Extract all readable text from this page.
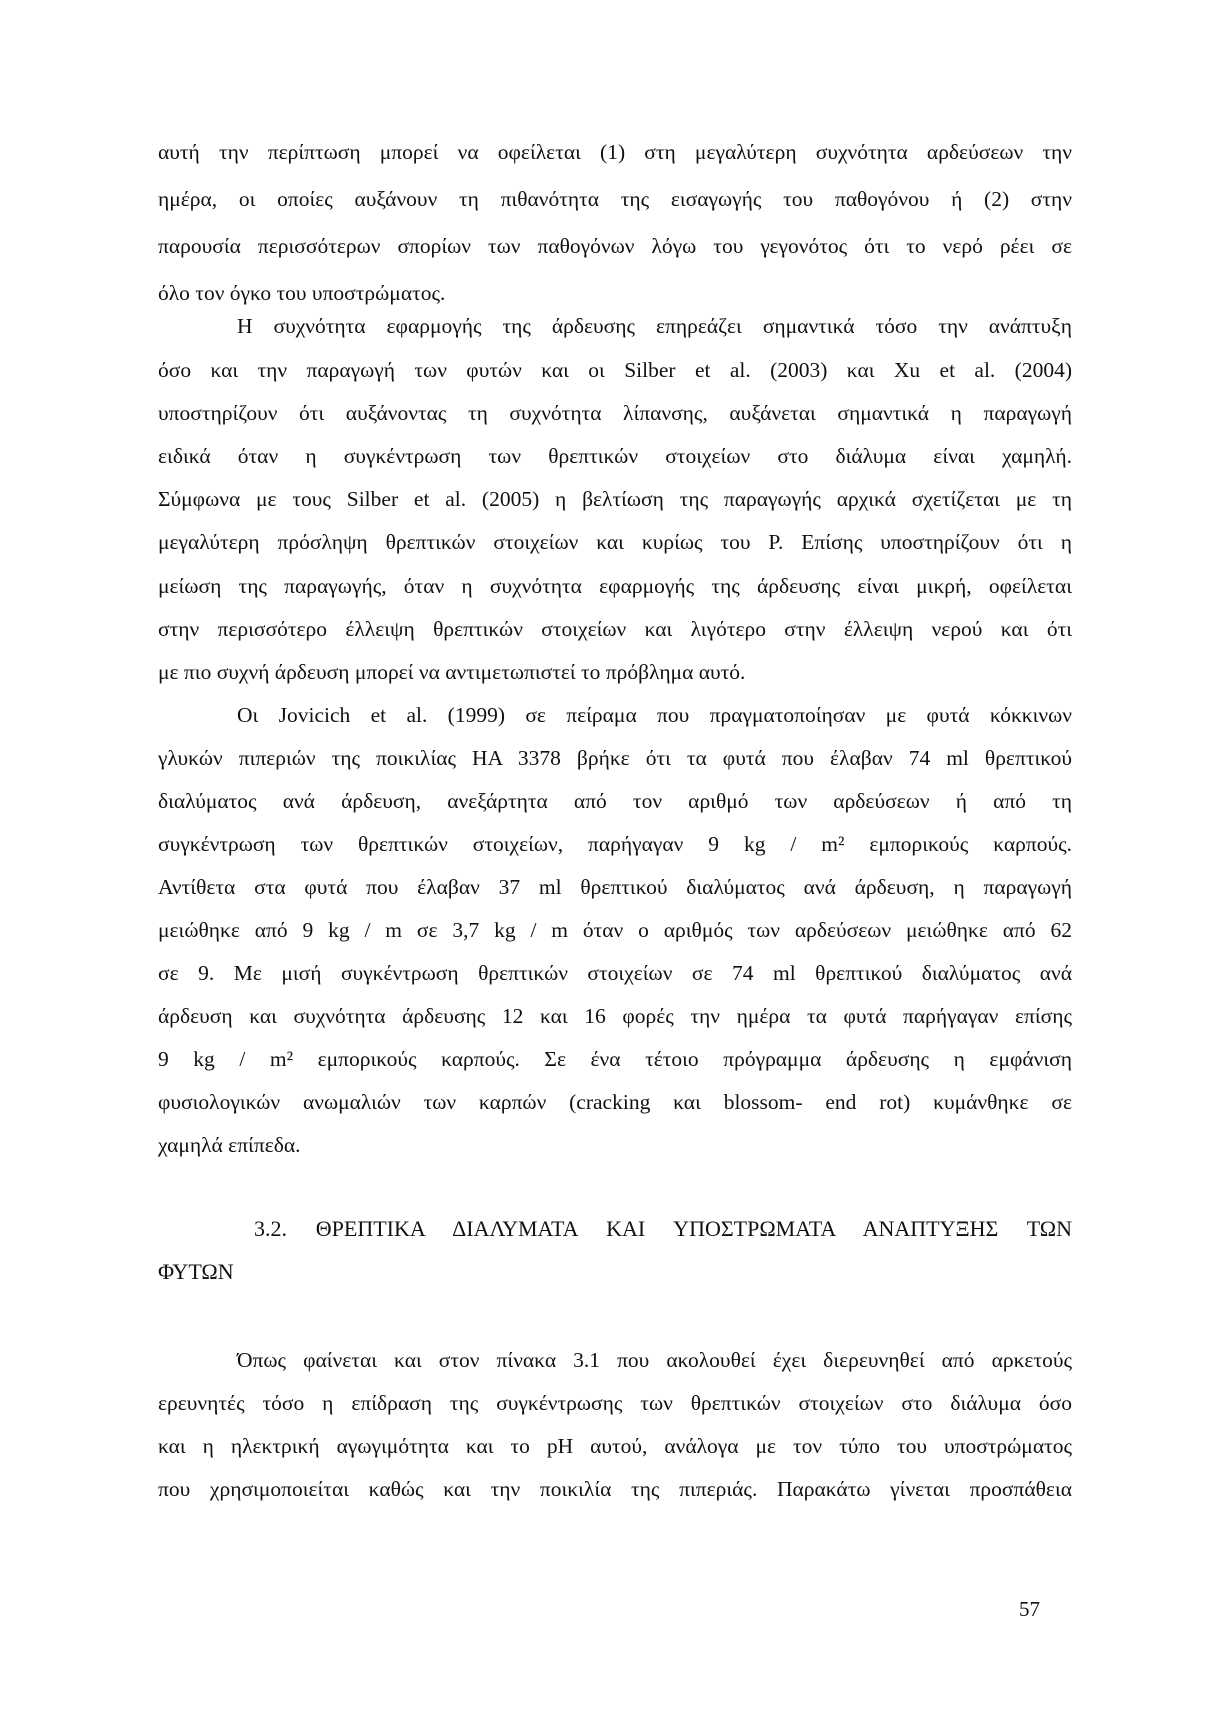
αυτή την περίπτωση μπορεί να οφείλεται (1) στη μεγαλύτερη συχνότητα αρδεύσεων την
ημέρα, οι οποίες αυξάνουν τη πιθανότητα της εισαγωγής του παθογόνου ή (2) στην
παρουσία περισσότερων σπορίων των παθογόνων λόγω του γεγονότος ότι το νερό ρέει σε
όλο τον όγκο του υποστρώματος.
Η συχνότητα εφαρμογής της άρδευσης επηρεάζει σημαντικά τόσο την ανάπτυξη
όσο και την παραγωγή των φυτών και οι Silber et al. (2003) και Xu et al. (2004)
υποστηρίζουν ότι αυξάνοντας τη συχνότητα λίπανσης, αυξάνεται σημαντικά η παραγωγή
ειδικά όταν η συγκέντρωση των θρεπτικών στοιχείων στο διάλυμα είναι χαμηλή.
Σύμφωνα με τους Silber et al. (2005) η βελτίωση της παραγωγής αρχικά σχετίζεται με τη
μεγαλύτερη πρόσληψη θρεπτικών στοιχείων και κυρίως του P. Επίσης υποστηρίζουν ότι η
μείωση της παραγωγής, όταν η συχνότητα εφαρμογής της άρδευσης είναι μικρή, οφείλεται
στην περισσότερο έλλειψη θρεπτικών στοιχείων και λιγότερο στην έλλειψη νερού και ότι
με πιο συχνή άρδευση μπορεί να αντιμετωπιστεί το πρόβλημα αυτό.
Οι Jovicich et al. (1999) σε πείραμα που πραγματοποίησαν με φυτά κόκκινων
γλυκών πιπεριών της ποικιλίας HA 3378 βρήκε ότι τα φυτά που έλαβαν 74 ml θρεπτικού
διαλύματος ανά άρδευση, ανεξάρτητα από τον αριθμό των αρδεύσεων ή από τη
συγκέντρωση των θρεπτικών στοιχείων, παρήγαγαν 9 kg / m² εμπορικούς καρπούς.
Αντίθετα στα φυτά που έλαβαν 37 ml θρεπτικού διαλύματος ανά άρδευση, η παραγωγή
μειώθηκε από 9 kg / m σε 3,7 kg / m όταν ο αριθμός των αρδεύσεων μειώθηκε από 62
σε 9. Με μισή συγκέντρωση θρεπτικών στοιχείων σε 74 ml θρεπτικού διαλύματος ανά
άρδευση και συχνότητα άρδευσης 12 και 16 φορές την ημέρα τα φυτά παρήγαγαν επίσης
9 kg / m² εμπορικούς καρπούς. Σε ένα τέτοιο πρόγραμμα άρδευσης η εμφάνιση
φυσιολογικών ανωμαλιών των καρπών (cracking και blossom- end rot) κυμάνθηκε σε
χαμηλά επίπεδα.
3.2. ΘΡΕΠΤΙΚΑ ΔΙΑΛΥΜΑΤΑ ΚΑΙ ΥΠΟΣΤΡΩΜΑΤΑ ΑΝΑΠΤΥΞΗΣ ΤΩΝ
ΦΥΤΩΝ
Όπως φαίνεται και στον πίνακα 3.1 που ακολουθεί έχει διερευνηθεί από αρκετούς
ερευνητές τόσο η επίδραση της συγκέντρωσης των θρεπτικών στοιχείων στο διάλυμα όσο
και η ηλεκτρική αγωγιμότητα και το pH αυτού, ανάλογα με τον τύπο του υποστρώματος
που χρησιμοποιείται καθώς και την ποικιλία της πιπεριάς. Παρακάτω γίνεται προσπάθεια
57
